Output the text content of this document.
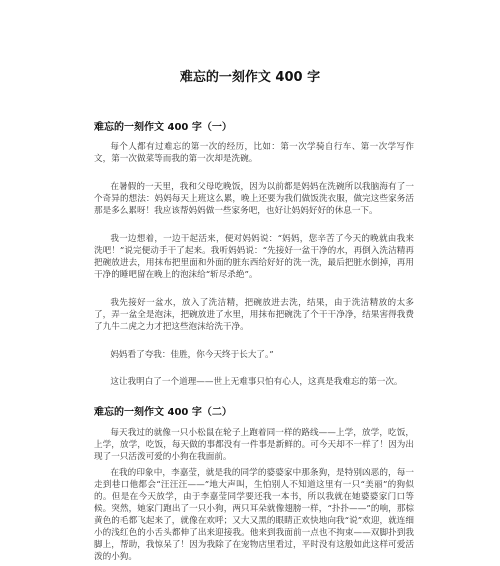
难忘的一刻作文 400 字
难忘的一刻作文 400 字（一）

每个人都有过难忘的第一次的经历，比如：第一次学骑自行车、第一次学写作文，第一次做菜等而我的第一次却是洗碗。

在暑假的一天里，我和父母吃晚饭，因为以前都是妈妈在洗碗所以我脑海有了一个奇异的想法：妈妈每天上班这么累，晚上还要为我们做饭洗衣服，做完这些家务活那是多么累呀！我应该帮妈妈做一些家务吧，也好让妈妈好好的休息一下。

我一边想着，一边干起活来，便对妈妈说：“妈妈，您辛苦了今天的晚就由我来洗吧！”说完便动手干了起来。我听妈妈说：“先接好一盆干净的水，再倒入洗洁精再把碗放进去，用抹布把里面和外面的脏东西给好好的洗一洗，最后把脏水倒掉，再用干净的睡吧留在晚上的泡沫给“斩尽杀绝”。

我先接好一盆水，放入了洗洁精，把碗放进去洗，结果，由于洗洁精放的太多了，弄一盆全是泡沫，把碗放进了水里，用抹布把碗洗了个干干净净，结果害得我费了九牛二虎之力才把这些泡沫给洗干净。

妈妈看了夸我：佳胜，你今天终于长大了。”

这让我明白了一个道理——世上无难事只怕有心人，这真是我难忘的第一次。

难忘的一刻作文 400 字（二）

每天我过的就像一只小松鼠在轮子上跑着同一样的路线——上学，放学，吃饭，上学，放学，吃饭，每天做的事都没有一件事是新鲜的。可今天却不一样了！因为出现了一只活泼可爱的小狗在我面前。

在我的印象中，李嘉莹，就是我的同学的婆婆家中那条狗，是特别凶恶的，每一走到巷口他都会“汪汪汪——”地大声叫，生怕别人不知道这里有一只“美丽”的狗似的。但是在今天放学，由于李嘉莹同学要还我一本书，所以我就在她婆婆家门口等候。突然，她家门跑出了一只小狗，两只耳朵就像翅膀一样，“扑扑——”的响，那棕黄色的毛都飞起来了，就像在欢呼；又大又黑的眼睛正欢快地向我“说”欢迎，就连细小的浅红色的小舌头都伸了出来迎接我。他来到我面前一点也不拘束——双脚扑到我脚上，帮助，我惊呆了！因为我除了在宠物店里看过，平时没有这般如此这样可爱活泼的小狗。
